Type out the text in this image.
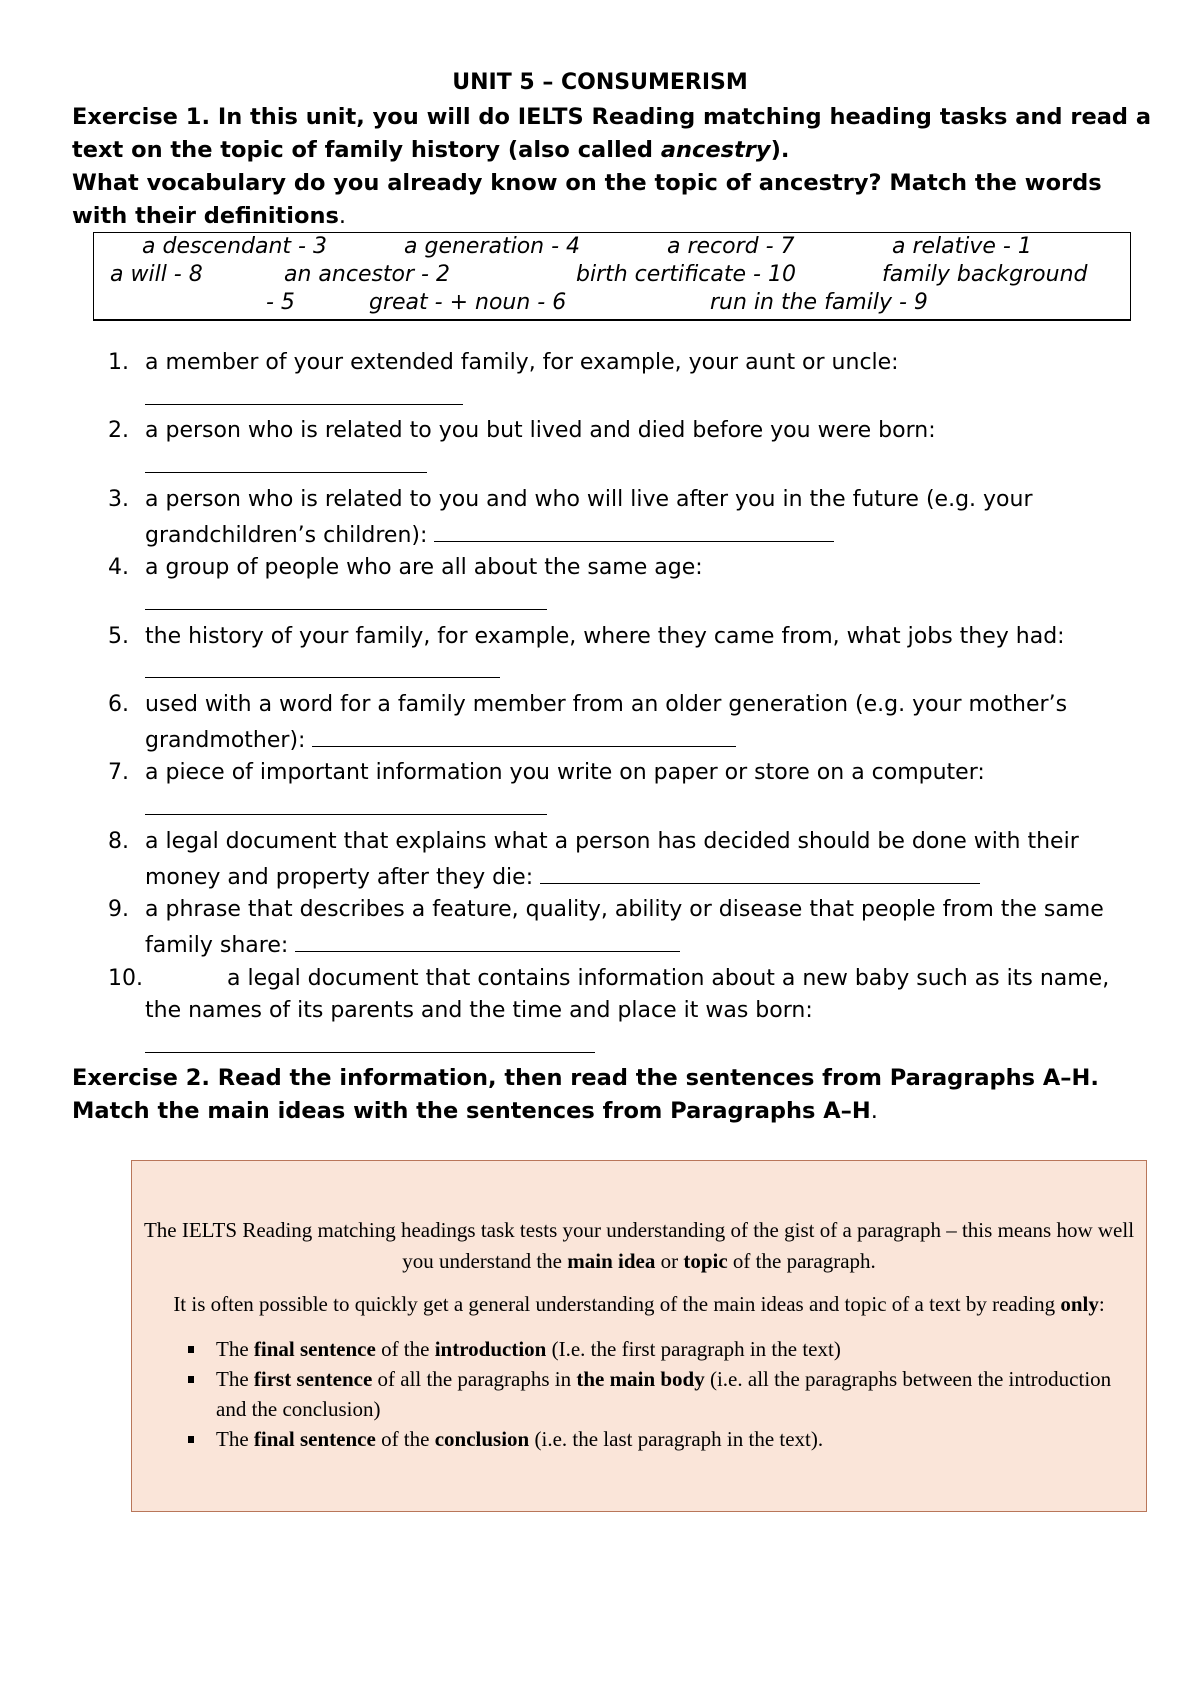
UNIT 5 – CONSUMERISM
Exercise 1. In this unit, you will do IELTS Reading matching heading tasks and read a text on the topic of family history (also called ancestry).
What vocabulary do you already know on the topic of ancestry? Match the words with their definitions.
a descendant - 3	a generation - 4	a record - 7	a relative - 1
a will - 8	an ancestor - 2	birth certificate - 10	family background
- 5	great - + noun - 6	run in the family - 9
1. a member of your extended family, for example, your aunt or uncle:

2. a person who is related to you but lived and died before you were born:

3. a person who is related to you and who will live after you in the future (e.g. your grandchildren’s children):
4. a group of people who are all about the same age:

5. the history of your family, for example, where they came from, what jobs they had:
6. used with a word for a family member from an older generation (e.g. your mother’s grandmother):
7. a piece of important information you write on paper or store on a computer:

8. a legal document that explains what a person has decided should be done with their money and property after they die:
9. a phrase that describes a feature, quality, ability or disease that people from the same family share:
10.	a legal document that contains information about a new baby such as its name, the names of its parents and the time and place it was born:

Exercise 2. Read the information, then read the sentences from Paragraphs A–H. Match the main ideas with the sentences from Paragraphs A–H.

The IELTS Reading matching headings task tests your understanding of the gist of a paragraph – this means how well you understand the main idea or topic of the paragraph.

It is often possible to quickly get a general understanding of the main ideas and topic of a text by reading only:

The final sentence of the introduction (I.e. the first paragraph in the text)
The first sentence of all the paragraphs in the main body (i.e. all the paragraphs between the introduction and the conclusion)
The final sentence of the conclusion (i.e. the last paragraph in the text).
